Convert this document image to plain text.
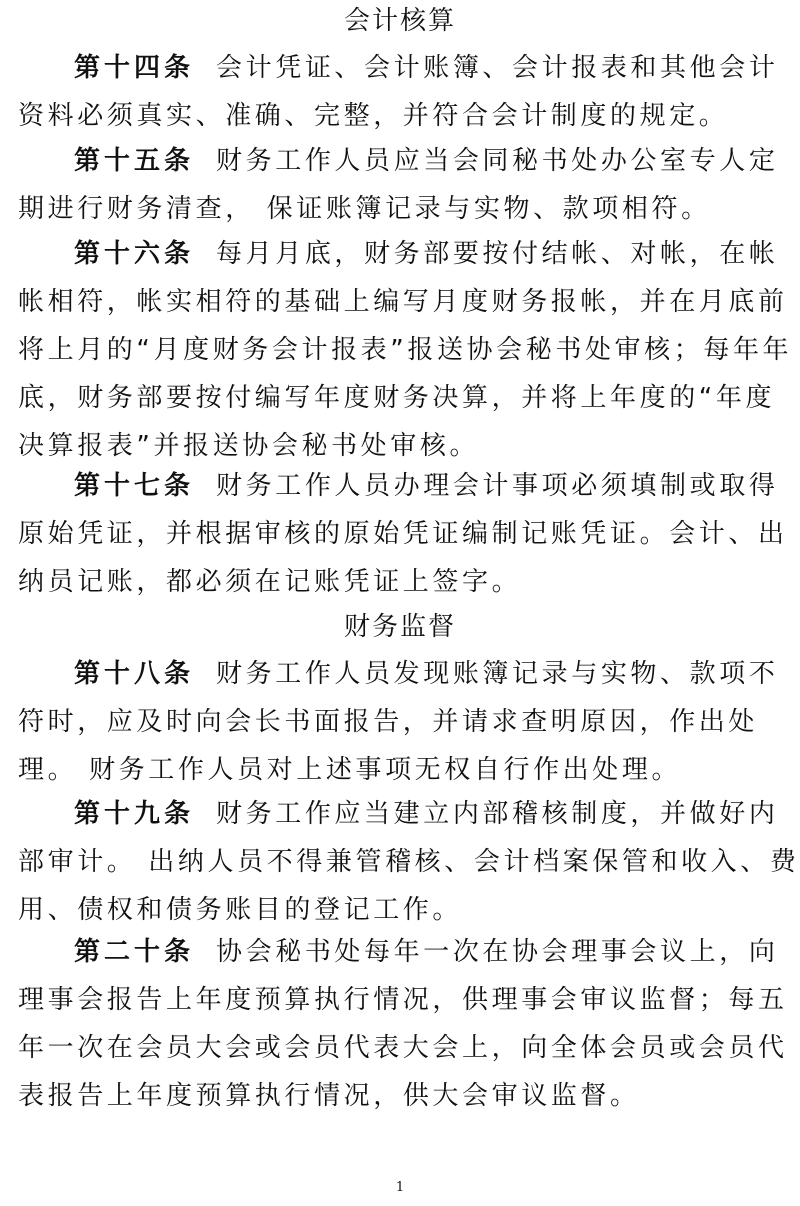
会计核算

第十四条 会计凭证、会计账簿、会计报表和其他会计资料必须真实、准确、完整，并符合会计制度的规定。

第十五条 财务工作人员应当会同秘书处办公室专人定期进行财务清查， 保证账簿记录与实物、款项相符。

第十六条 每月月底，财务部要按付结帐、对帐，在帐帐相符，帐实相符的基础上编写月度财务报帐，并在月底前将上月的“月度财务会计报表”报送协会秘书处审核；每年年底，财务部要按付编写年度财务决算，并将上年度的“年度决算报表”并报送协会秘书处审核。

第十七条 财务工作人员办理会计事项必须填制或取得原始凭证，并根据审核的原始凭证编制记账凭证。会计、出纳员记账，都必须在记账凭证上签字。

财务监督

第十八条 财务工作人员发现账簿记录与实物、款项不符时，应及时向会长书面报告，并请求查明原因，作出处理。 财务工作人员对上述事项无权自行作出处理。

第十九条 财务工作应当建立内部稽核制度，并做好内部审计。 出纳人员不得兼管稽核、会计档案保管和收入、费用、债权和债务账目的登记工作。

第二十条 协会秘书处每年一次在协会理事会议上，向理事会报告上年度预算执行情况，供理事会审议监督；每五年一次在会员大会或会员代表大会上，向全体会员或会员代表报告上年度预算执行情况，供大会审议监督。

1
